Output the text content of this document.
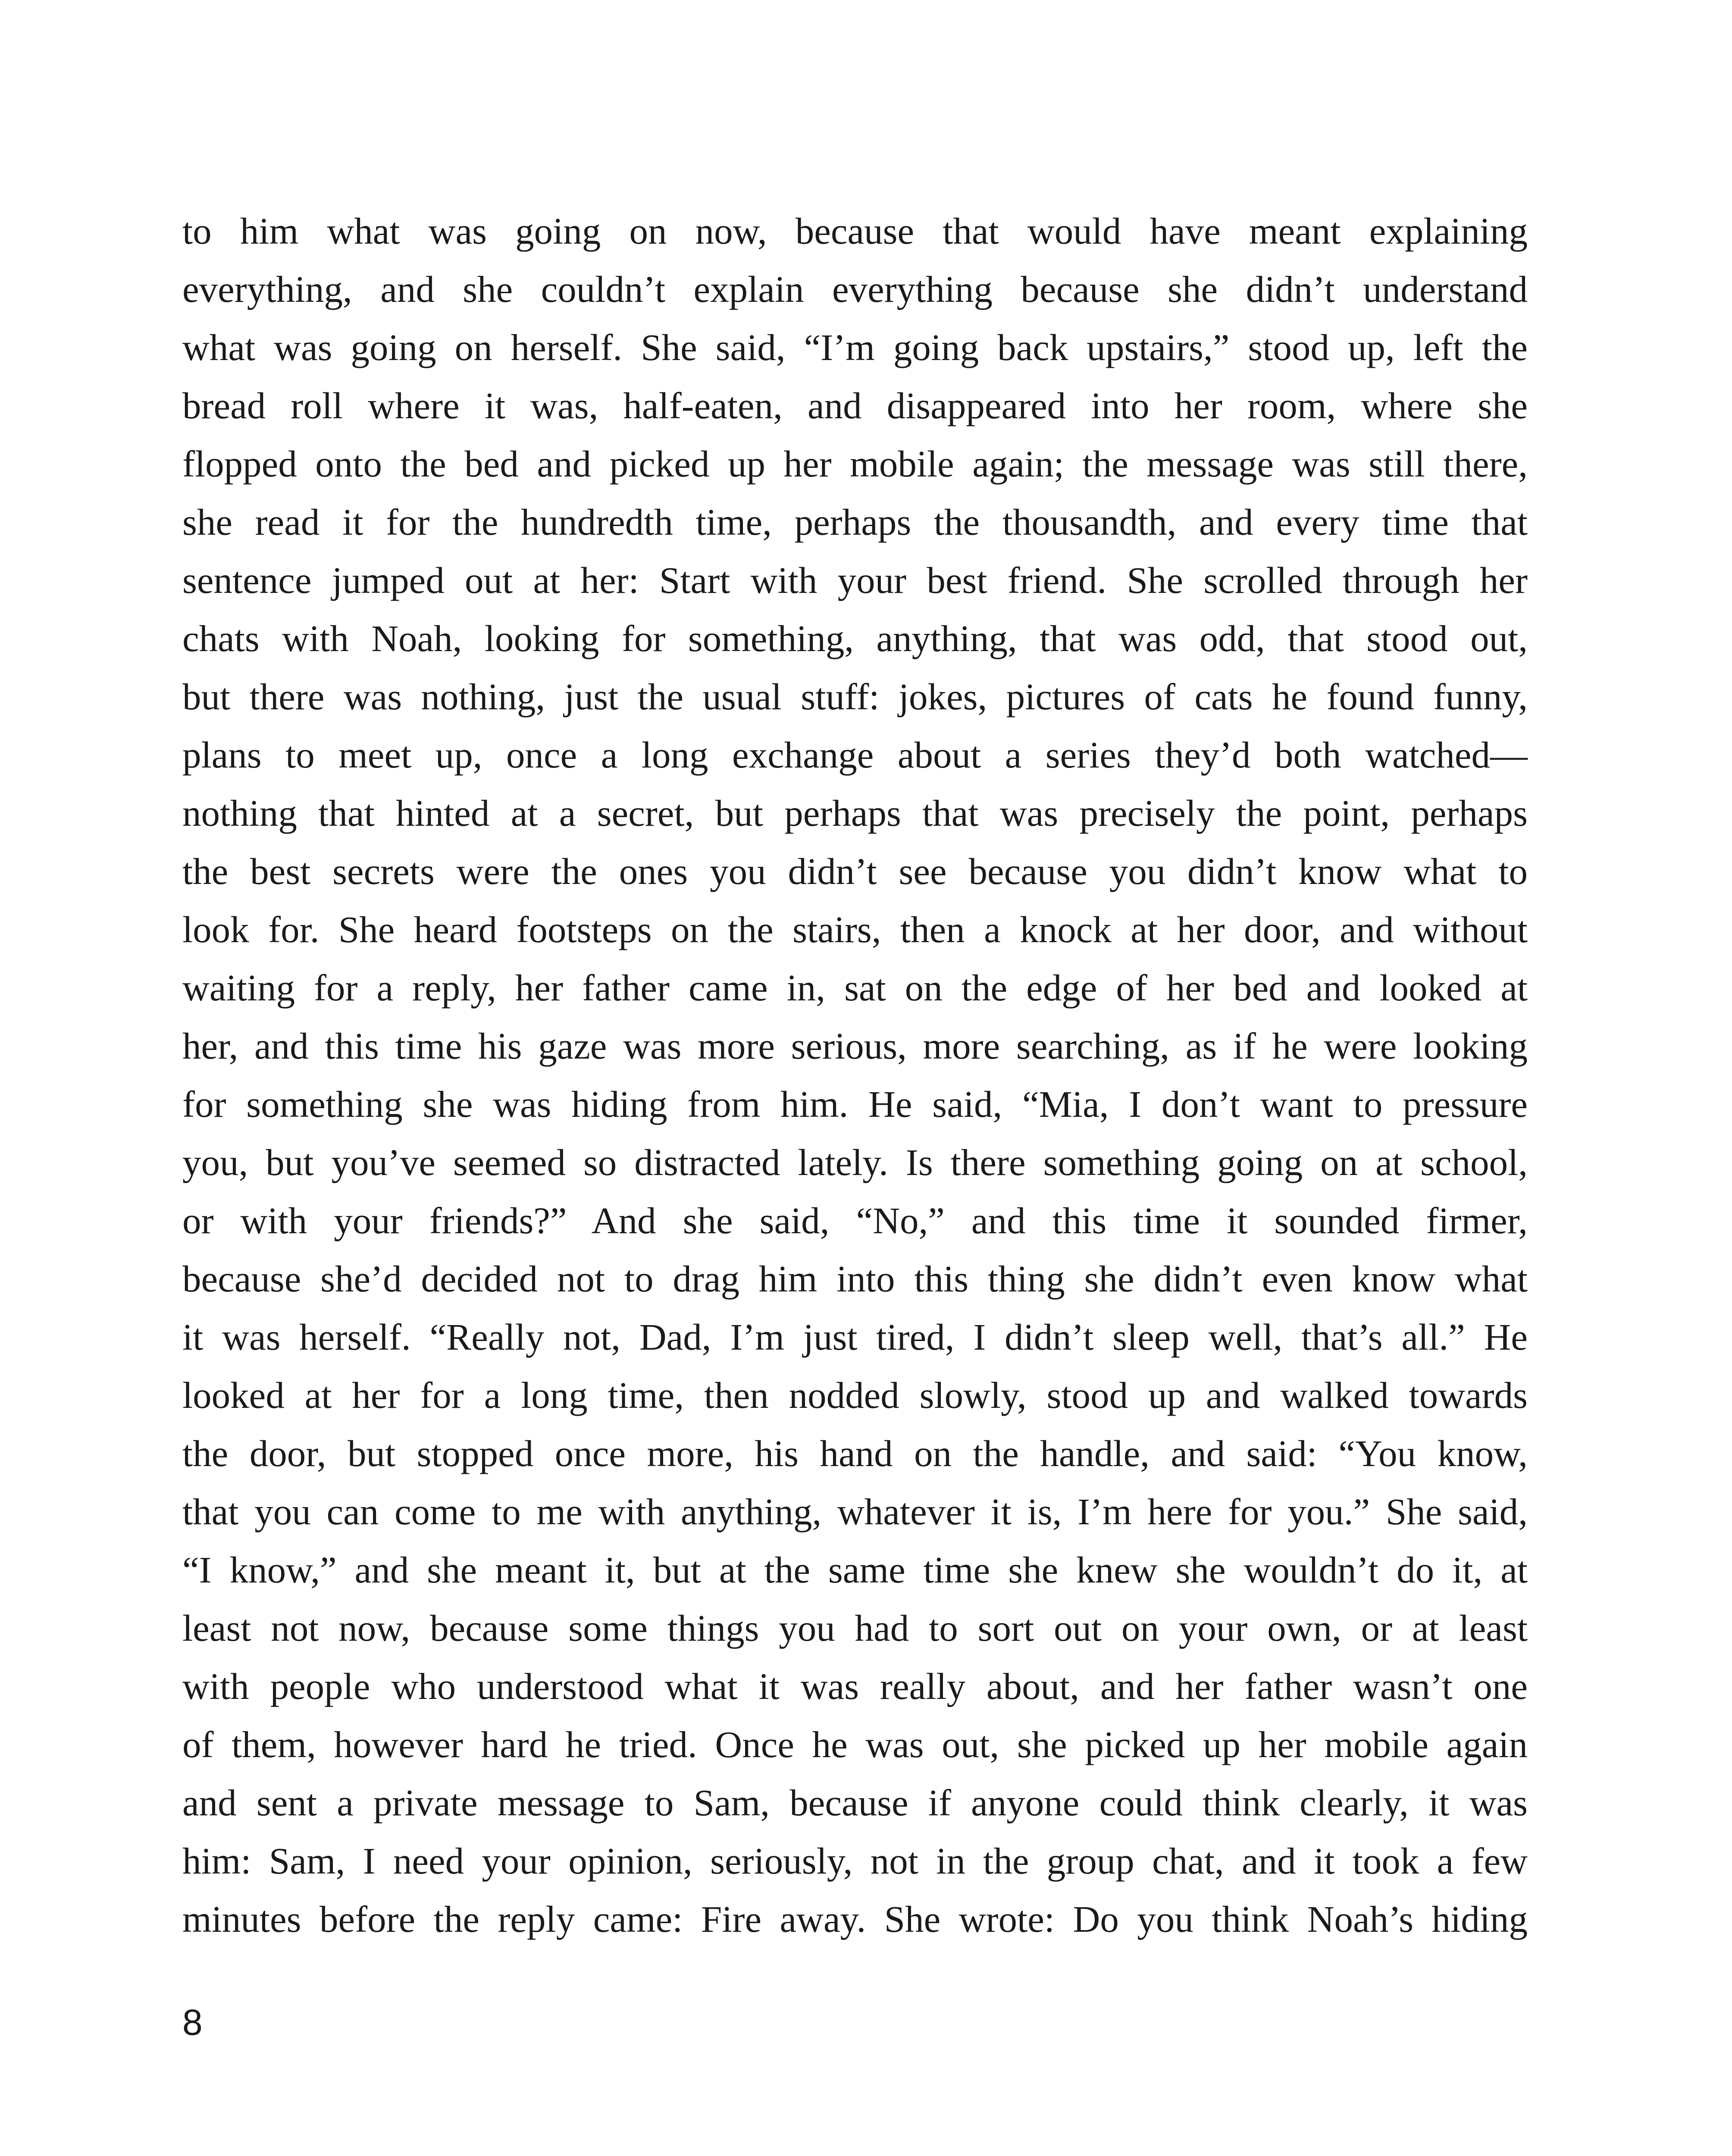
to him what was going on now, because that would have meant explaining
everything, and she couldn’t explain everything because she didn’t understand
what was going on herself. She said, “I’m going back upstairs,” stood up, left the
bread roll where it was, half-eaten, and disappeared into her room, where she
flopped onto the bed and picked up her mobile again; the message was still there,
she read it for the hundredth time, perhaps the thousandth, and every time that
sentence jumped out at her: Start with your best friend. She scrolled through her
chats with Noah, looking for something, anything, that was odd, that stood out,
but there was nothing, just the usual stuff: jokes, pictures of cats he found funny,
plans to meet up, once a long exchange about a series they’d both watched—
nothing that hinted at a secret, but perhaps that was precisely the point, perhaps
the best secrets were the ones you didn’t see because you didn’t know what to
look for. She heard footsteps on the stairs, then a knock at her door, and without
waiting for a reply, her father came in, sat on the edge of her bed and looked at
her, and this time his gaze was more serious, more searching, as if he were looking
for something she was hiding from him. He said, “Mia, I don’t want to pressure
you, but you’ve seemed so distracted lately. Is there something going on at school,
or with your friends?” And she said, “No,” and this time it sounded firmer,
because she’d decided not to drag him into this thing she didn’t even know what
it was herself. “Really not, Dad, I’m just tired, I didn’t sleep well, that’s all.” He
looked at her for a long time, then nodded slowly, stood up and walked towards
the door, but stopped once more, his hand on the handle, and said: “You know,
that you can come to me with anything, whatever it is, I’m here for you.” She said,
“I know,” and she meant it, but at the same time she knew she wouldn’t do it, at
least not now, because some things you had to sort out on your own, or at least
with people who understood what it was really about, and her father wasn’t one
of them, however hard he tried. Once he was out, she picked up her mobile again
and sent a private message to Sam, because if anyone could think clearly, it was
him: Sam, I need your opinion, seriously, not in the group chat, and it took a few
minutes before the reply came: Fire away. She wrote: Do you think Noah’s hiding
8
